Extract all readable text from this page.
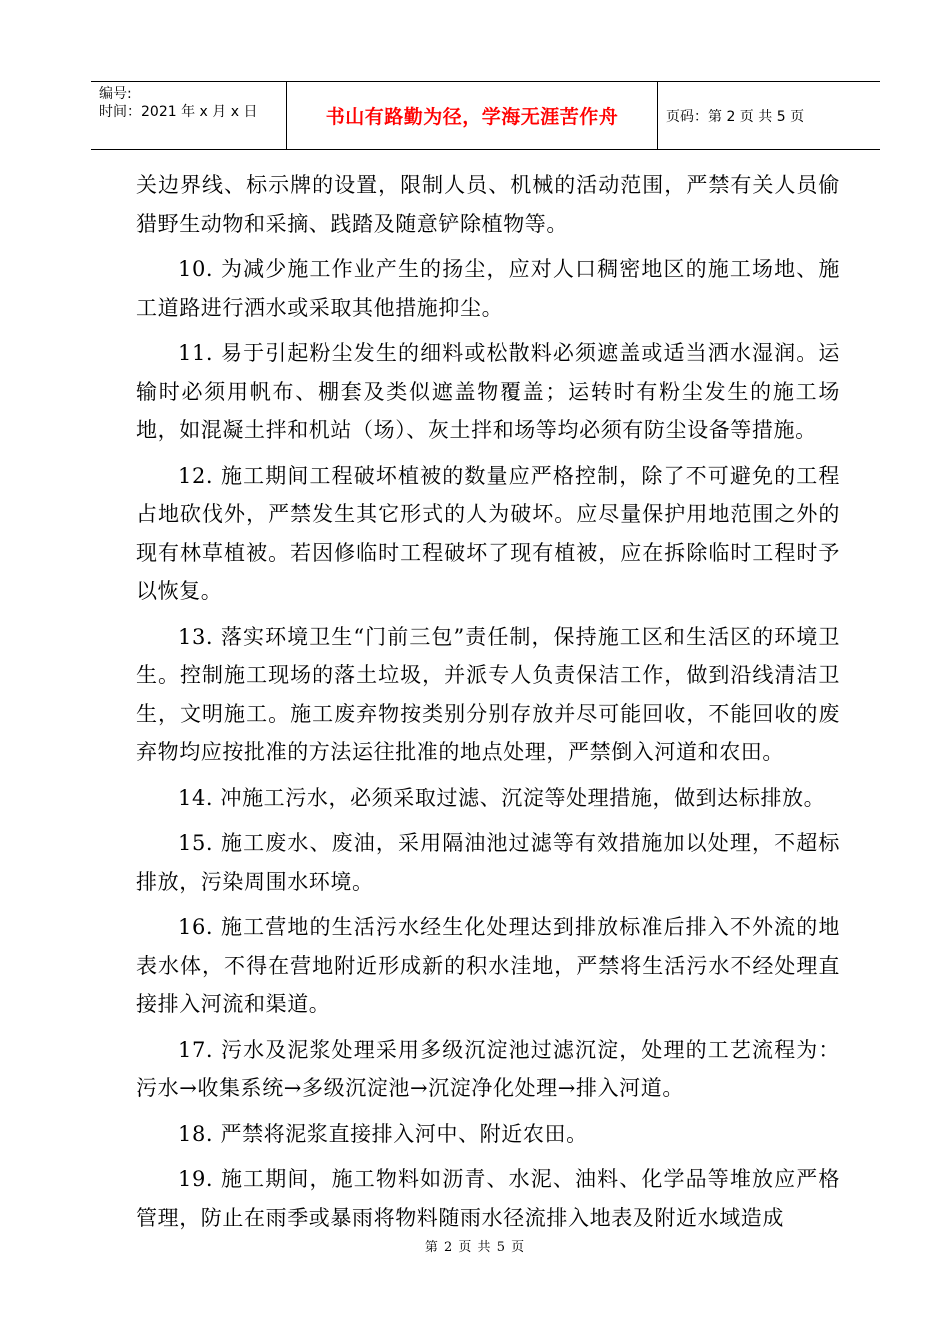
编号:
时间：2021 年 x 月 x 日	书山有路勤为径，学海无涯苦作舟	页码：第 2 页 共 5 页

关边界线、标示牌的设置，限制人员、机械的活动范围，严禁有关人员偷猎野生动物和采摘、践踏及随意铲除植物等。

10. 为减少施工作业产生的扬尘，应对人口稠密地区的施工场地、施工道路进行洒水或采取其他措施抑尘。

11. 易于引起粉尘发生的细料或松散料必须遮盖或适当洒水湿润。运输时必须用帆布、棚套及类似遮盖物覆盖；运转时有粉尘发生的施工场地，如混凝土拌和机站（场）、灰土拌和场等均必须有防尘设备等措施。

12. 施工期间工程破坏植被的数量应严格控制，除了不可避免的工程占地砍伐外，严禁发生其它形式的人为破坏。应尽量保护用地范围之外的现有林草植被。若因修临时工程破坏了现有植被，应在拆除临时工程时予以恢复。

13. 落实环境卫生“门前三包”责任制，保持施工区和生活区的环境卫生。控制施工现场的落土垃圾，并派专人负责保洁工作，做到沿线清洁卫生，文明施工。施工废弃物按类别分别存放并尽可能回收，不能回收的废弃物均应按批准的方法运往批准的地点处理，严禁倒入河道和农田。

14. 冲施工污水，必须采取过滤、沉淀等处理措施，做到达标排放。

15. 施工废水、废油，采用隔油池过滤等有效措施加以处理，不超标排放，污染周围水环境。

16. 施工营地的生活污水经生化处理达到排放标准后排入不外流的地表水体，不得在营地附近形成新的积水洼地，严禁将生活污水不经处理直接排入河流和渠道。

17. 污水及泥浆处理采用多级沉淀池过滤沉淀，处理的工艺流程为：污水→收集系统→多级沉淀池→沉淀净化处理→排入河道。

18. 严禁将泥浆直接排入河中、附近农田。

19. 施工期间，施工物料如沥青、水泥、油料、化学品等堆放应严格管理，防止在雨季或暴雨将物料随雨水径流排入地表及附近水域造成

第 2 页 共 5 页
